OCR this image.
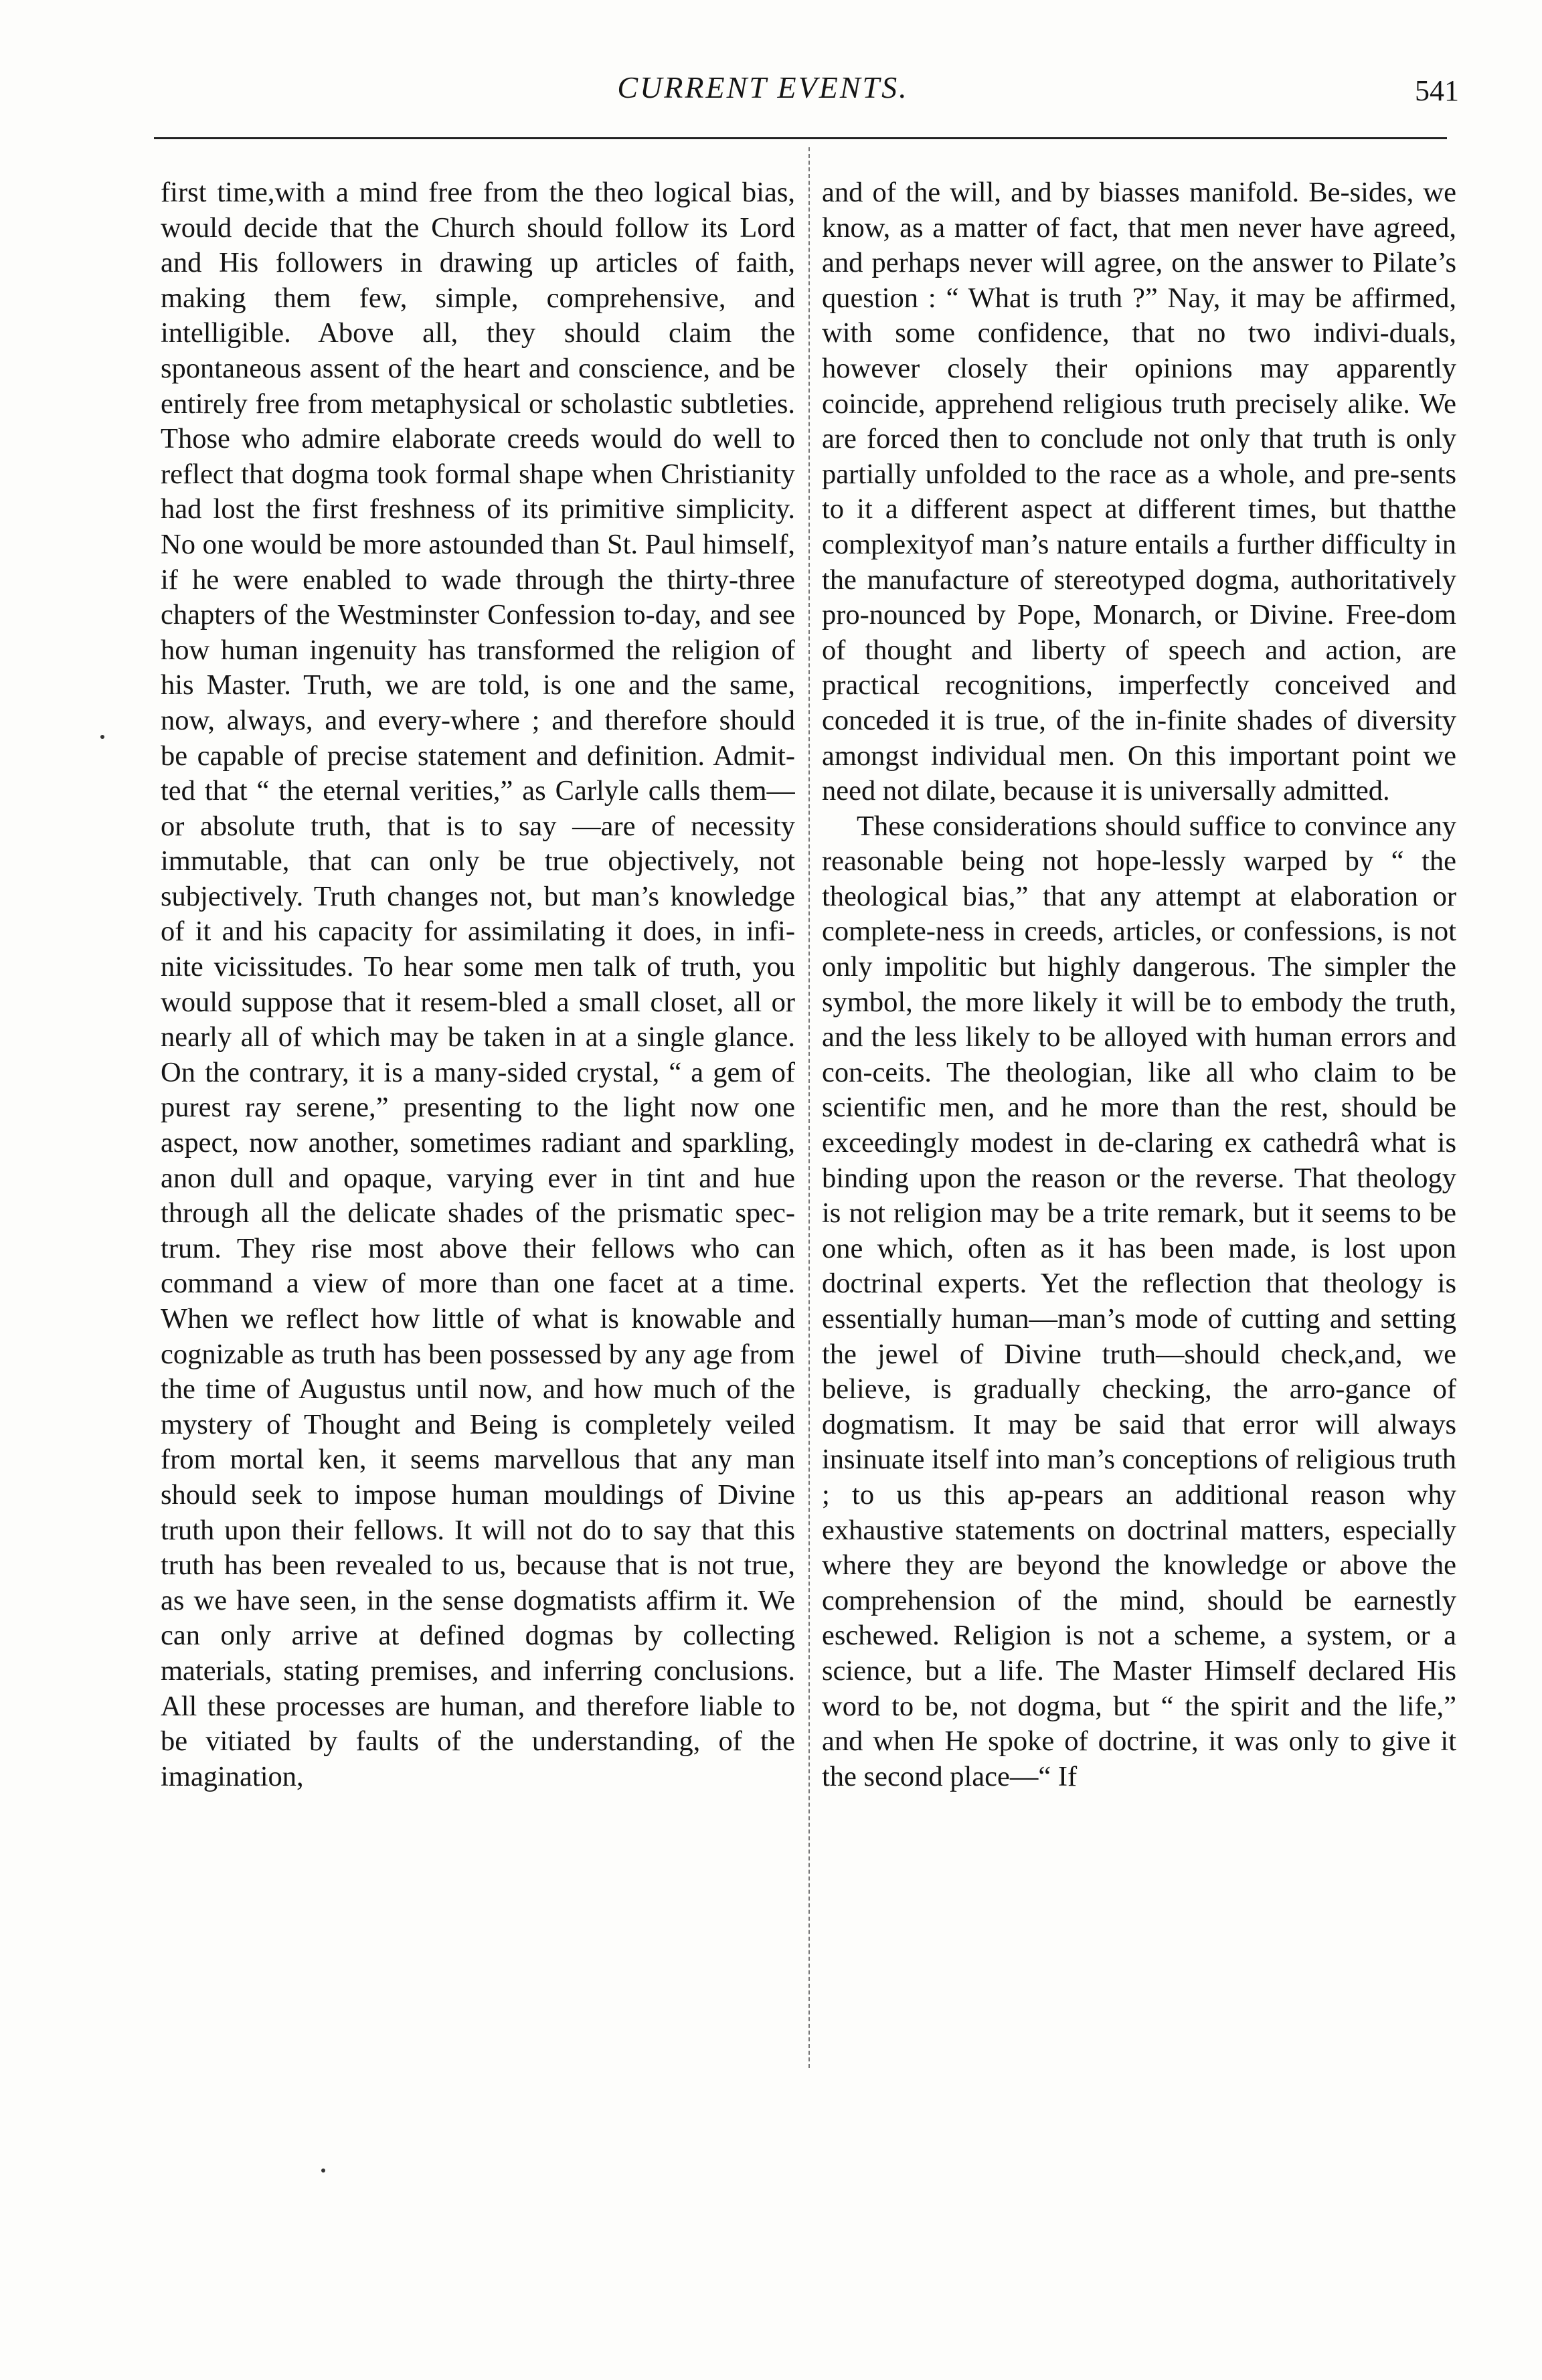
CURRENT EVENTS.	541

first time,with a mind free from the theo logical bias, would decide that the Church should follow its Lord and His followers in drawing up articles of faith, making them few, simple, comprehensive, and intelligible. Above all, they should claim the spontaneous assent of the heart and conscience, and be entirely free from metaphysical or scholastic subtleties. Those who admire elaborate creeds would do well to reflect that dogma took formal shape when Christianity had lost the first freshness of its primitive simplicity. No one would be more astounded than St. Paul himself, if he were enabled to wade through the thirty-three chapters of the Westminster Confession to-day, and see how human ingenuity has transformed the religion of his Master. Truth, we are told, is one and the same, now, always, and every-where ; and therefore should be capable of precise statement and definition. Admit-ted that “ the eternal verities,” as Carlyle calls them— or absolute truth, that is to say —are of necessity immutable, that can only be true objectively, not subjectively. Truth changes not, but man’s knowledge of it and his capacity for assimilating it does, in infi-nite vicissitudes. To hear some men talk of truth, you would suppose that it resem-bled a small closet, all or nearly all of which may be taken in at a single glance. On the contrary, it is a many-sided crystal, “ a gem of purest ray serene,” presenting to the light now one aspect, now another, sometimes radiant and sparkling, anon dull and opaque, varying ever in tint and hue through all the delicate shades of the prismatic spec-trum. They rise most above their fellows who can command a view of more than one facet at a time. When we reflect how little of what is knowable and cognizable as truth has been possessed by any age from the time of Augustus until now, and how much of the mystery of Thought and Being is completely veiled from mortal ken, it seems marvellous that any man should seek to impose human mouldings of Divine truth upon their fellows. It will not do to say that this truth has been revealed to us, because that is not true, as we have seen, in the sense dogmatists affirm it. We can only arrive at defined dogmas by collecting materials, stating premises, and inferring conclusions. All these processes are human, and therefore liable to be vitiated by faults of the understanding, of the imagination,

and of the will, and by biasses manifold. Be-sides, we know, as a matter of fact, that men never have agreed, and perhaps never will agree, on the answer to Pilate’s question : “ What is truth ?” Nay, it may be affirmed, with some confidence, that no two indivi-duals, however closely their opinions may apparently coincide, apprehend religious truth precisely alike. We are forced then to conclude not only that truth is only partially unfolded to the race as a whole, and pre-sents to it a different aspect at different times, but thatthe complexityof man’s nature entails a further difficulty in the manufacture of stereotyped dogma, authoritatively pro-nounced by Pope, Monarch, or Divine. Free-dom of thought and liberty of speech and action, are practical recognitions, imperfectly conceived and conceded it is true, of the in-finite shades of diversity amongst individual men. On this important point we need not dilate, because it is universally admitted.

These considerations should suffice to convince any reasonable being not hope-lessly warped by “ the theological bias,” that any attempt at elaboration or complete-ness in creeds, articles, or confessions, is not only impolitic but highly dangerous. The simpler the symbol, the more likely it will be to embody the truth, and the less likely to be alloyed with human errors and con-ceits. The theologian, like all who claim to be scientific men, and he more than the rest, should be exceedingly modest in de-claring ex cathedrâ what is binding upon the reason or the reverse. That theology is not religion may be a trite remark, but it seems to be one which, often as it has been made, is lost upon doctrinal experts. Yet the reflection that theology is essentially human—man’s mode of cutting and setting the jewel of Divine truth—should check,and, we believe, is gradually checking, the arro-gance of dogmatism. It may be said that error will always insinuate itself into man’s conceptions of religious truth ; to us this ap-pears an additional reason why exhaustive statements on doctrinal matters, especially where they are beyond the knowledge or above the comprehension of the mind, should be earnestly eschewed. Religion is not a scheme, a system, or a science, but a life. The Master Himself declared His word to be, not dogma, but “ the spirit and the life,” and when He spoke of doctrine, it was only to give it the second place—“ If
